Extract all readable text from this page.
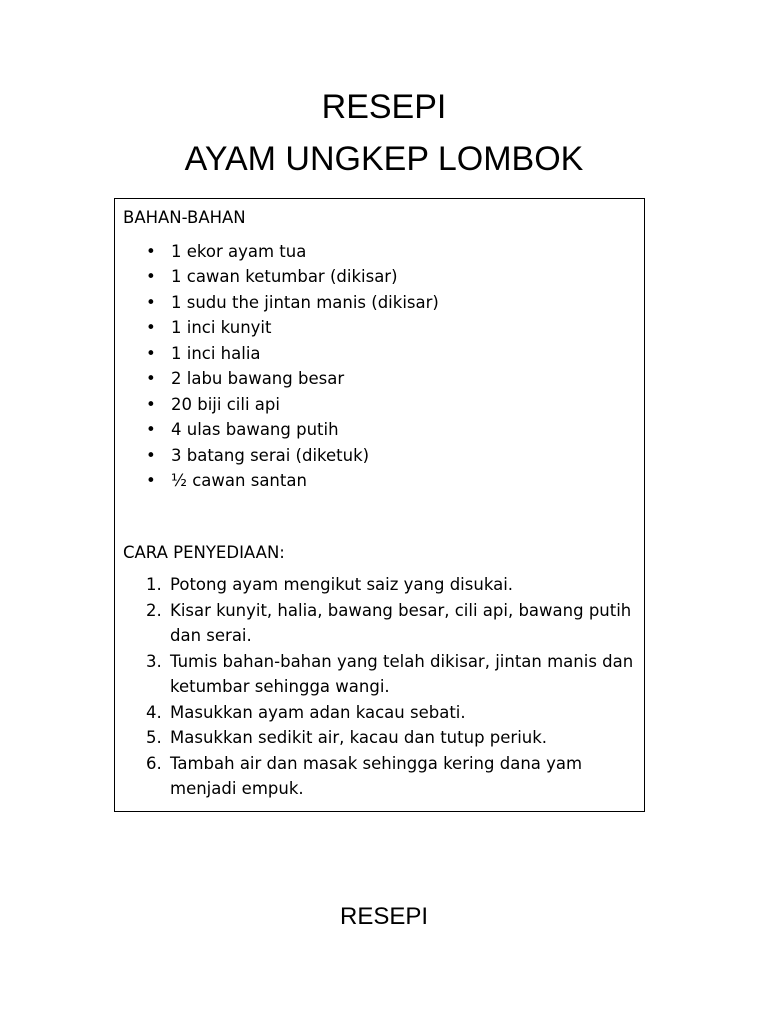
RESEPI
AYAM UNGKEP LOMBOK
BAHAN-BAHAN
• 1 ekor ayam tua
• 1 cawan ketumbar (dikisar)
• 1 sudu the jintan manis (dikisar)
• 1 inci kunyit
• 1 inci halia
• 2 labu bawang besar
• 20 biji cili api
• 4 ulas bawang putih
• 3 batang serai (diketuk)
• ½ cawan santan
CARA PENYEDIAAN:
1. Potong ayam mengikut saiz yang disukai.
2. Kisar kunyit, halia, bawang besar, cili api, bawang putih dan serai.
3. Tumis bahan-bahan yang telah dikisar, jintan manis dan ketumbar sehingga wangi.
4. Masukkan ayam adan kacau sebati.
5. Masukkan sedikit air, kacau dan tutup periuk.
6. Tambah air dan masak sehingga kering dana yam menjadi empuk.
RESEPI
